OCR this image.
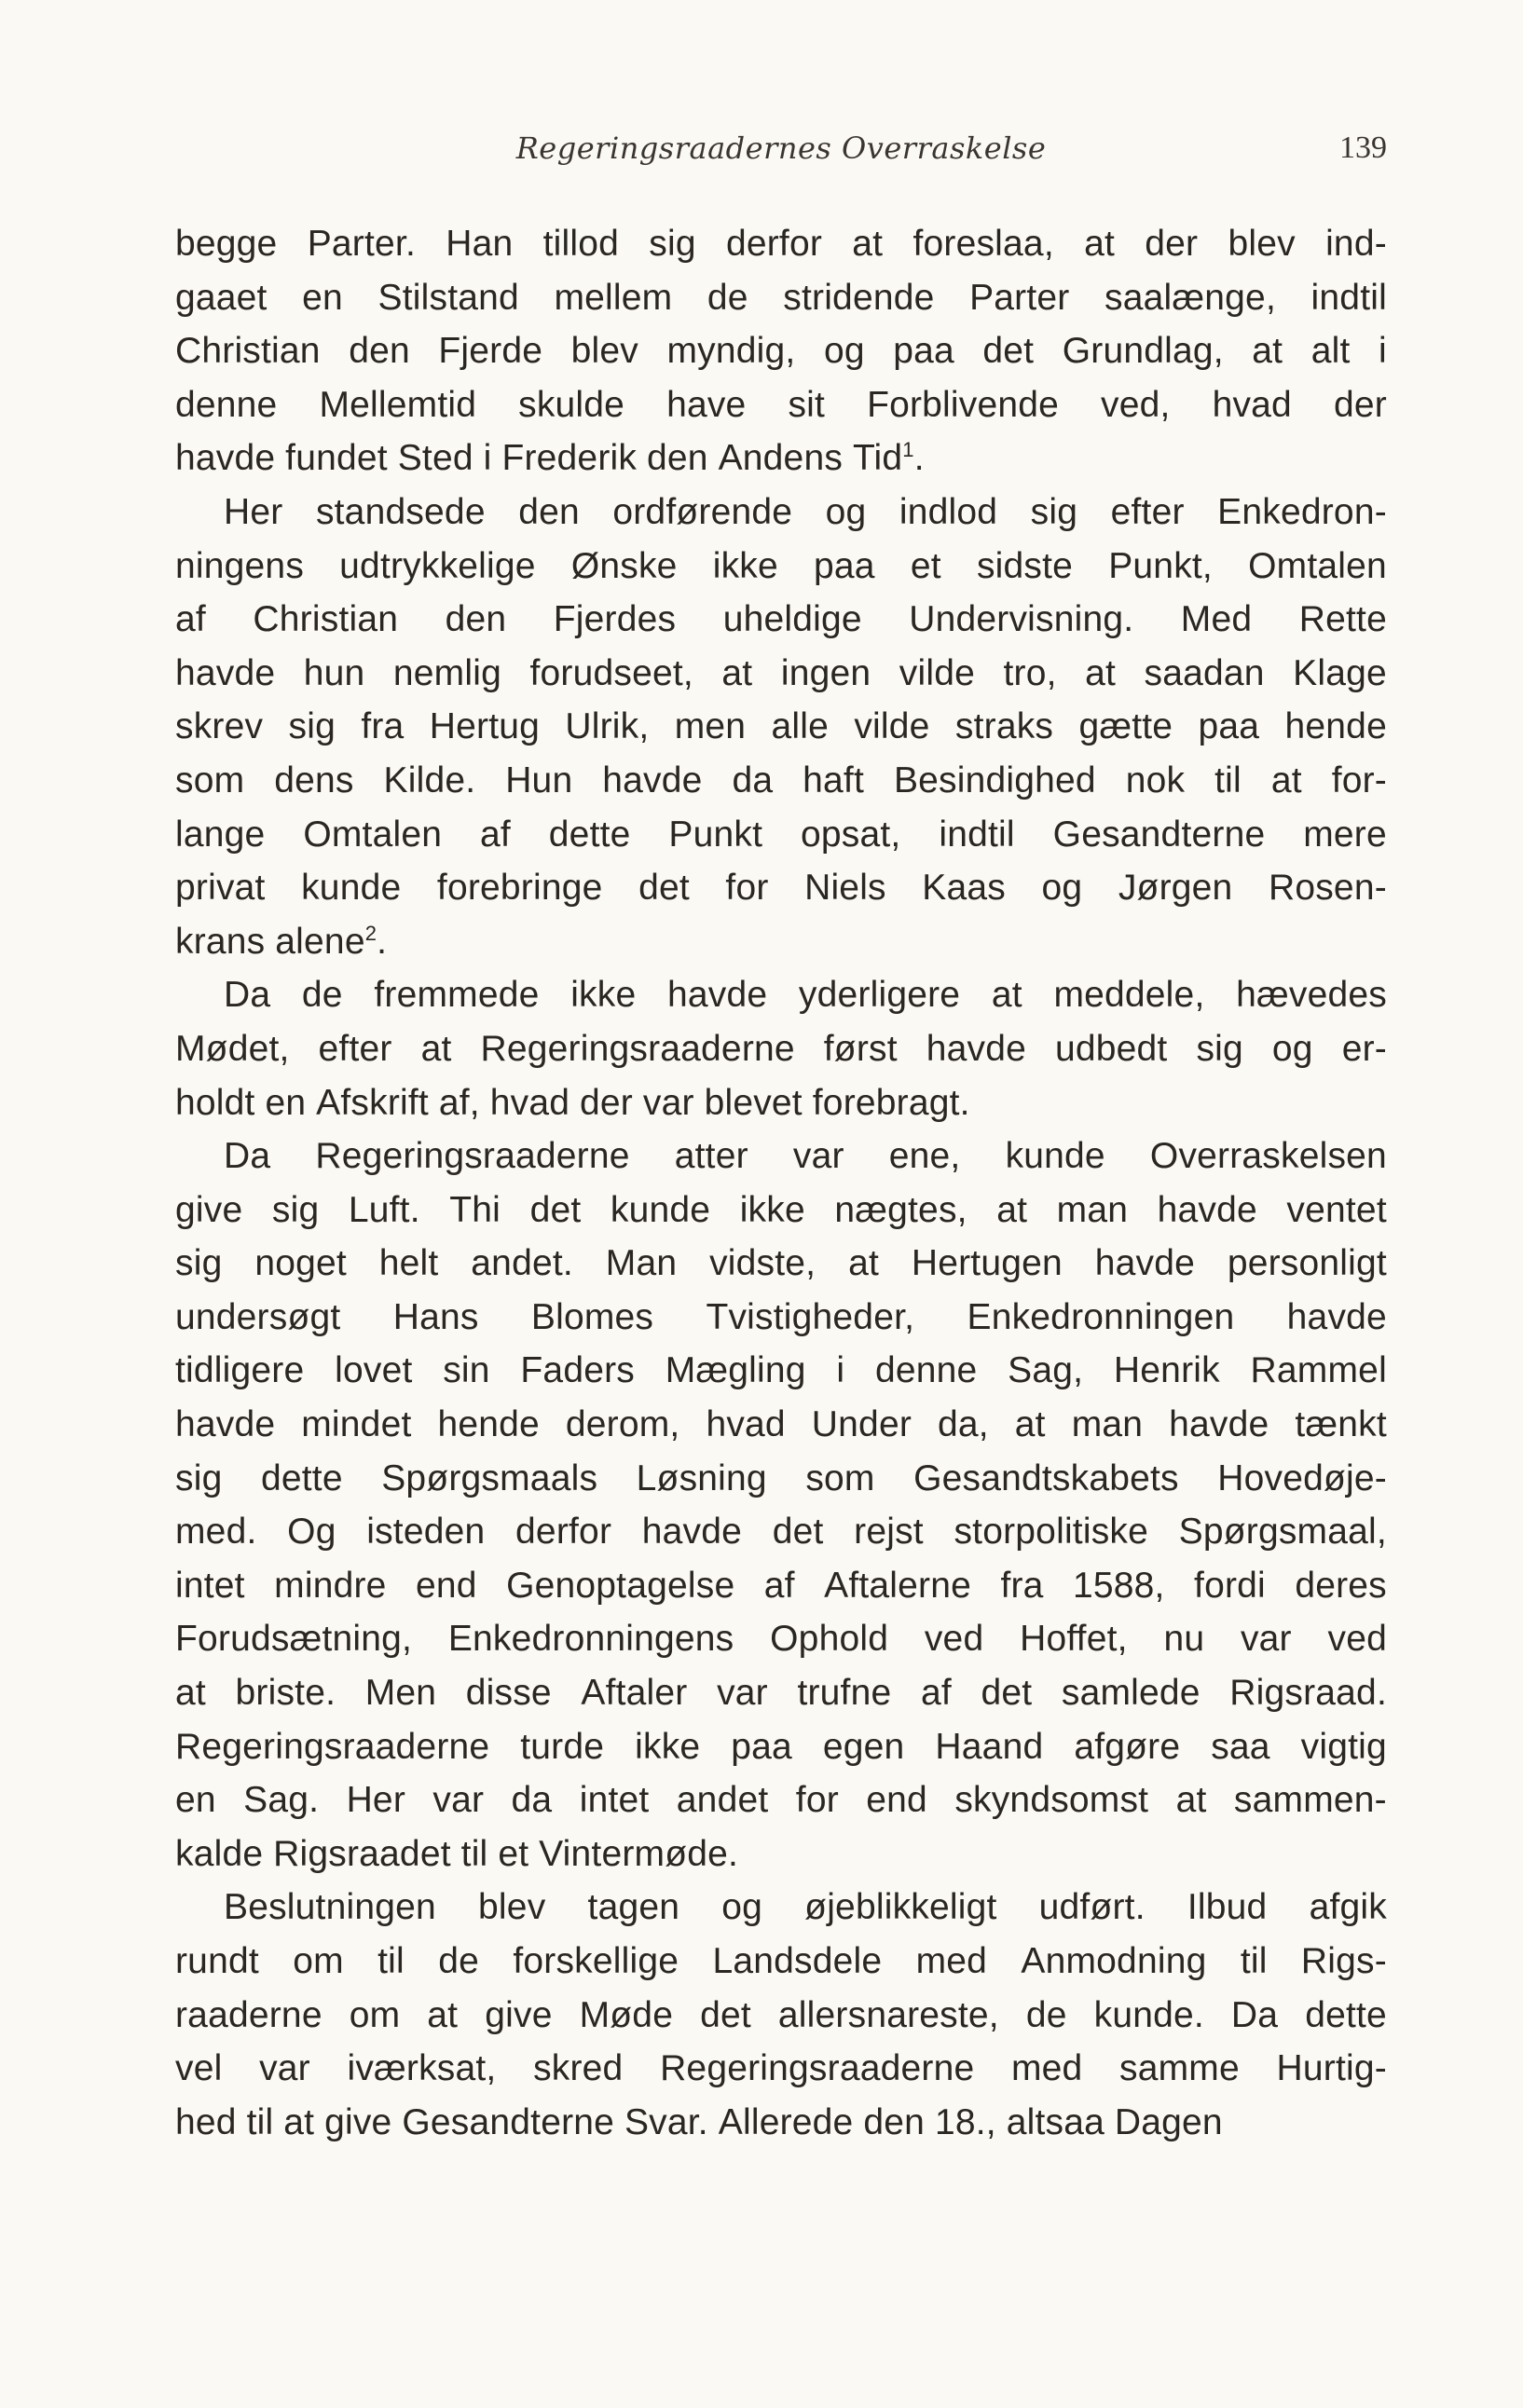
Regeringsraadernes Overraskelse	139
begge Parter. Han tillod sig derfor at foreslaa, at der blev ind-
gaaet en Stilstand mellem de stridende Parter saalænge, indtil
Christian den Fjerde blev myndig, og paa det Grundlag, at alt i
denne Mellemtid skulde have sit Forblivende ved, hvad der
havde fundet Sted i Frederik den Andens Tid$^1$.
Her standsede den ordførende og indlod sig efter Enkedron-
ningens udtrykkelige Ønske ikke paa et sidste Punkt, Omtalen
af Christian den Fjerdes uheldige Undervisning. Med Rette
havde hun nemlig forudseet, at ingen vilde tro, at saadan Klage
skrev sig fra Hertug Ulrik, men alle vilde straks gætte paa hende
som dens Kilde. Hun havde da haft Besindighed nok til at for-
lange Omtalen af dette Punkt opsat, indtil Gesandterne mere
privat kunde forebringe det for Niels Kaas og Jørgen Rosen-
krans alene$^2$.
Da de fremmede ikke havde yderligere at meddele, hævedes
Mødet, efter at Regeringsraaderne først havde udbedt sig og er-
holdt en Afskrift af, hvad der var blevet forebragt.
Da Regeringsraaderne atter var ene, kunde Overraskelsen
give sig Luft. Thi det kunde ikke nægtes, at man havde ventet
sig noget helt andet. Man vidste, at Hertugen havde personligt
undersøgt Hans Blomes Tvistigheder, Enkedronningen havde
tidligere lovet sin Faders Mægling i denne Sag, Henrik Rammel
havde mindet hende derom, hvad Under da, at man havde tænkt
sig dette Spørgsmaals Løsning som Gesandtskabets Hovedøje-
med. Og isteden derfor havde det rejst storpolitiske Spørgsmaal,
intet mindre end Genoptagelse af Aftalerne fra 1588, fordi deres
Forudsætning, Enkedronningens Ophold ved Hoffet, nu var ved
at briste. Men disse Aftaler var trufne af det samlede Rigsraad.
Regeringsraaderne turde ikke paa egen Haand afgøre saa vigtig
en Sag. Her var da intet andet for end skyndsomst at sammen-
kalde Rigsraadet til et Vintermøde.
Beslutningen blev tagen og øjeblikkeligt udført. Ilbud afgik
rundt om til de forskellige Landsdele med Anmodning til Rigs-
raaderne om at give Møde det allersnareste, de kunde. Da dette
vel var iværksat, skred Regeringsraaderne med samme Hurtig-
hed til at give Gesandterne Svar. Allerede den 18., altsaa Dagen
